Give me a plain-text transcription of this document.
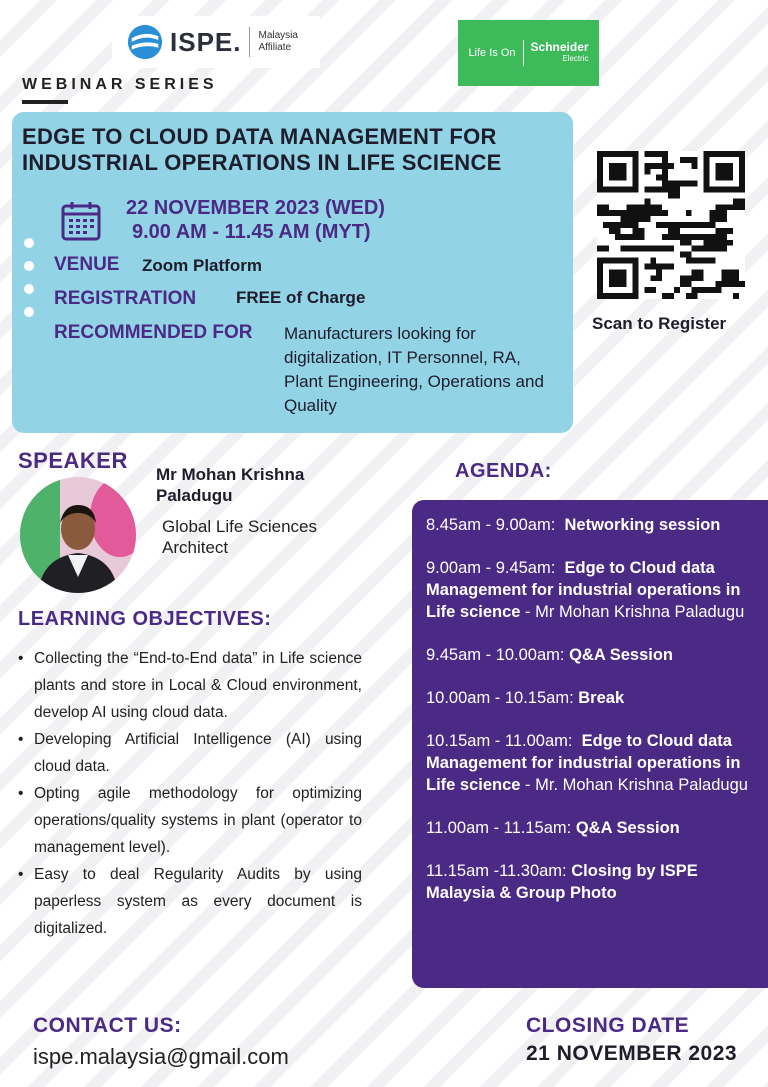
ISPE. Malaysia Affiliate	Life Is On Schneider
Electric
WEBINAR SERIES
EDGE TO CLOUD DATA MANAGEMENT FOR INDUSTRIAL OPERATIONS IN LIFE SCIENCE
22 NOVEMBER 2023 (WED)
9.00 AM - 11.45 AM (MYT)
VENUE Zoom Platform
REGISTRATION FREE of Charge
RECOMMENDED FOR Manufacturers looking for digitalization, IT Personnel, RA, Plant Engineering, Operations and Quality
Scan to Register
SPEAKER
Mr Mohan Krishna Paladugu
Global Life Sciences Architect
LEARNING OBJECTIVES:
• Collecting the “End-to-End data” in Life science plants and store in Local & Cloud environment, develop AI using cloud data.
• Developing Artificial Intelligence (AI) using cloud data.
• Opting agile methodology for optimizing operations/quality systems in plant (operator to management level).
• Easy to deal Regularity Audits by using paperless system as every document is digitalized.
AGENDA:
8.45am - 9.00am: Networking session
9.00am - 9.45am: Edge to Cloud data Management for industrial operations in Life science - Mr Mohan Krishna Paladugu
9.45am - 10.00am: Q&A Session
10.00am - 10.15am: Break
10.15am - 11.00am: Edge to Cloud data Management for industrial operations in Life science - Mr. Mohan Krishna Paladugu
11.00am - 11.15am: Q&A Session
11.15am -11.30am: Closing by ISPE Malaysia & Group Photo
CONTACT US:
ispe.malaysia@gmail.com
CLOSING DATE
21 NOVEMBER 2023
